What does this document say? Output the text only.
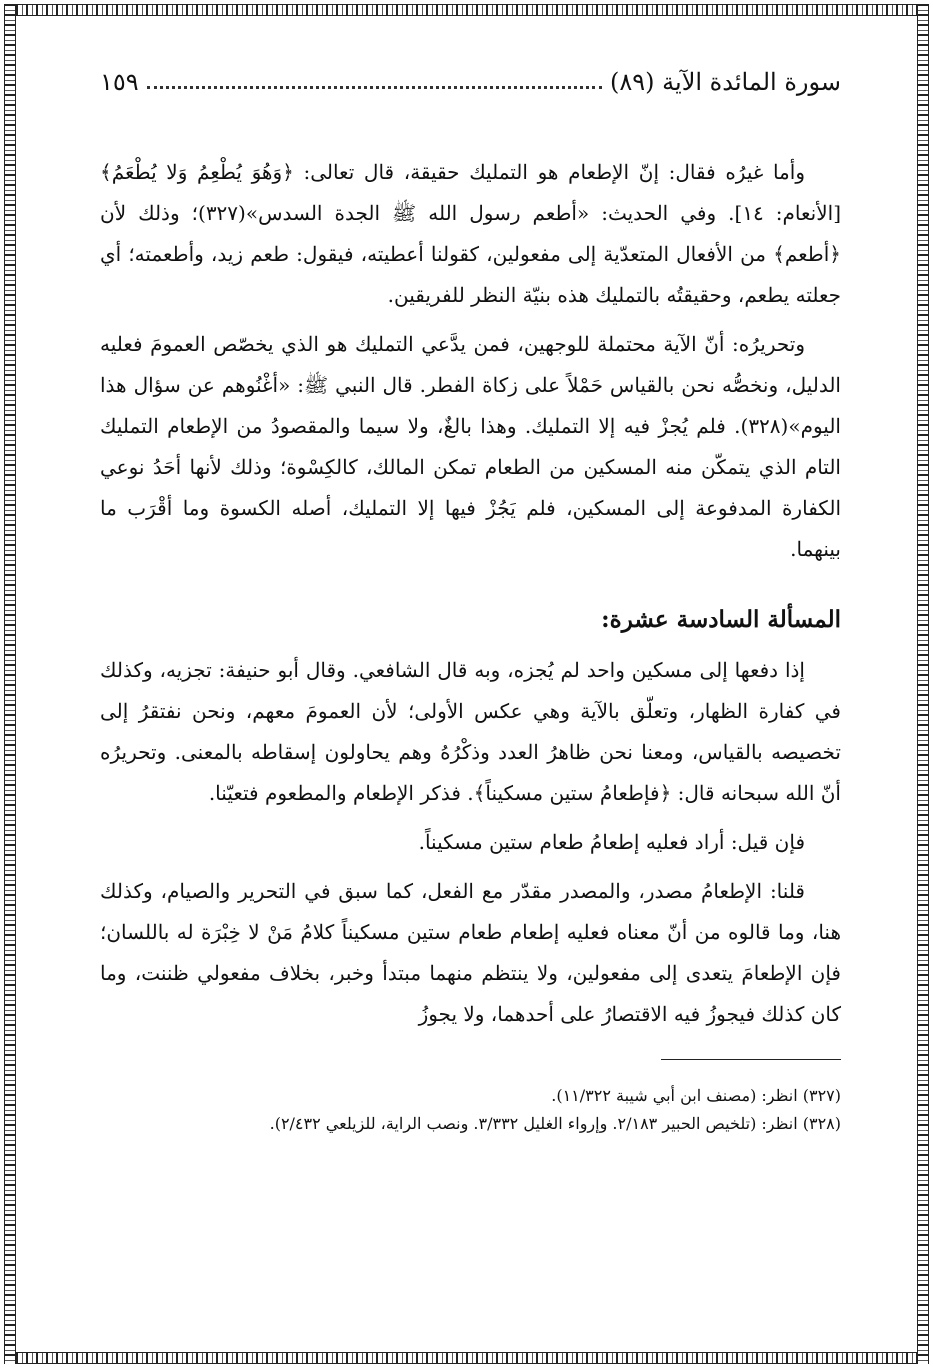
سورة المائدة الآية (٨٩)
١٥٩

وأما غيرُه فقال: إنّ الإطعام هو التمليك حقيقة، قال تعالى: ﴿وَهُوَ يُطْعِمُ وَلا يُطْعَمُ﴾ [الأنعام: ١٤]. وفي الحديث: «أطعم رسول الله ﷺ الجدة السدس»(٣٢٧)؛ وذلك لأن ﴿أطعم﴾ من الأفعال المتعدّية إلى مفعولين، كقولنا أعطيته، فيقول: طعم زيد، وأطعمته؛ أي جعلته يطعم، وحقيقتُه بالتمليك هذه بنيّة النظر للفريقين.

وتحريرُه: أنّ الآية محتملة للوجهين، فمن يدَّعي التمليك هو الذي يخصّص العمومَ فعليه الدليل، ونخصُّه نحن بالقياس حَمْلاً على زكاة الفطر. قال النبي ﷺ: «أغْنُوهم عن سؤال هذا اليوم»(٣٢٨). فلم يُجزْ فيه إلا التمليك. وهذا بالغٌ، ولا سيما والمقصودُ من الإطعام التمليك التام الذي يتمكّن منه المسكين من الطعام تمكن المالك، كالكِسْوة؛ وذلك لأنها أحَدُ نوعي الكفارة المدفوعة إلى المسكين، فلم يَجُزْ فيها إلا التمليك، أصله الكسوة وما أقْرَب ما بينهما.

المسألة السادسة عشرة:

إذا دفعها إلى مسكين واحد لم يُجزه، وبه قال الشافعي. وقال أبو حنيفة: تجزيه، وكذلك في كفارة الظهار، وتعلّق بالآية وهي عكس الأولى؛ لأن العمومَ معهم، ونحن نفتقرُ إلى تخصيصه بالقياس، ومعنا نحن ظاهرُ العدد وذكْرُهُ وهم يحاولون إسقاطه بالمعنى. وتحريرُه أنّ الله سبحانه قال: ﴿فإطعامُ ستين مسكيناً﴾. فذكر الإطعام والمطعوم فتعيّنا.

فإن قيل: أراد فعليه إطعامُ طعام ستين مسكيناً.

قلنا: الإطعامُ مصدر، والمصدر مقدّر مع الفعل، كما سبق في التحرير والصيام، وكذلك هنا، وما قالوه من أنّ معناه فعليه إطعام طعام ستين مسكيناً كلامُ مَنْ لا خِبْرَة له باللسان؛ فإن الإطعامَ يتعدى إلى مفعولين، ولا ينتظم منهما مبتدأ وخبر، بخلاف مفعولي ظننت، وما كان كذلك فيجوزُ فيه الاقتصارُ على أحدهما، ولا يجوزُ

(٣٢٧) انظر: (مصنف ابن أبي شيبة ١١/٣٢٢).

(٣٢٨) انظر: (تلخيص الحبير ٢/١٨٣. وإرواء الغليل ٣/٣٣٢. ونصب الراية، للزيلعي ٢/٤٣٢).
